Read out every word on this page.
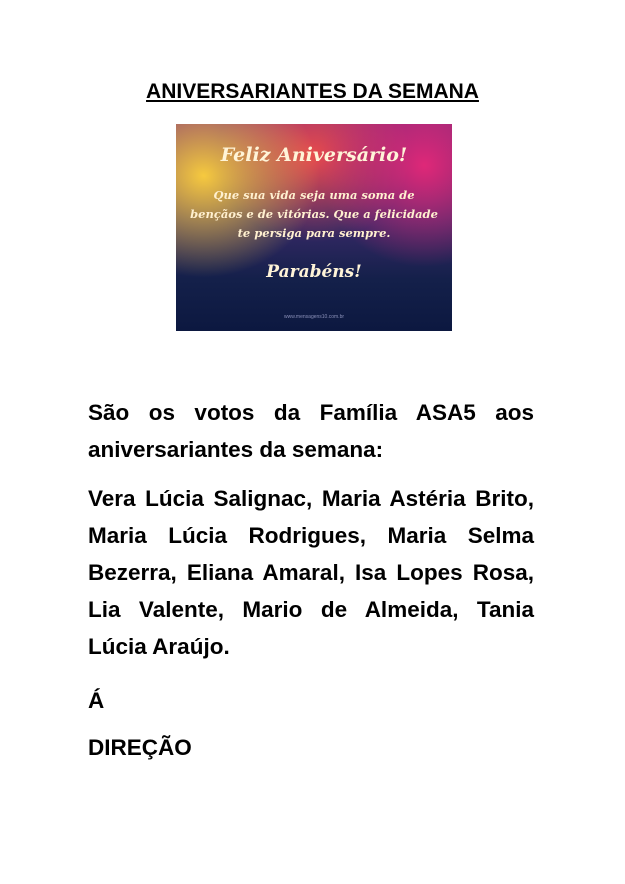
ANIVERSARIANTES DA SEMANA
Feliz Aniversário!
Que sua vida seja uma soma de bençãos e de vitórias. Que a felicidade te persiga para sempre.
Parabéns!
www.mensagens10.com.br
São os votos da Família ASA5 aos aniversariantes da semana:
Vera Lúcia Salignac, Maria Astéria Brito, Maria Lúcia Rodrigues, Maria Selma Bezerra, Eliana Amaral, Isa Lopes Rosa, Lia Valente, Mario de Almeida, Tania Lúcia Araújo.
Á
DIREÇÃO
